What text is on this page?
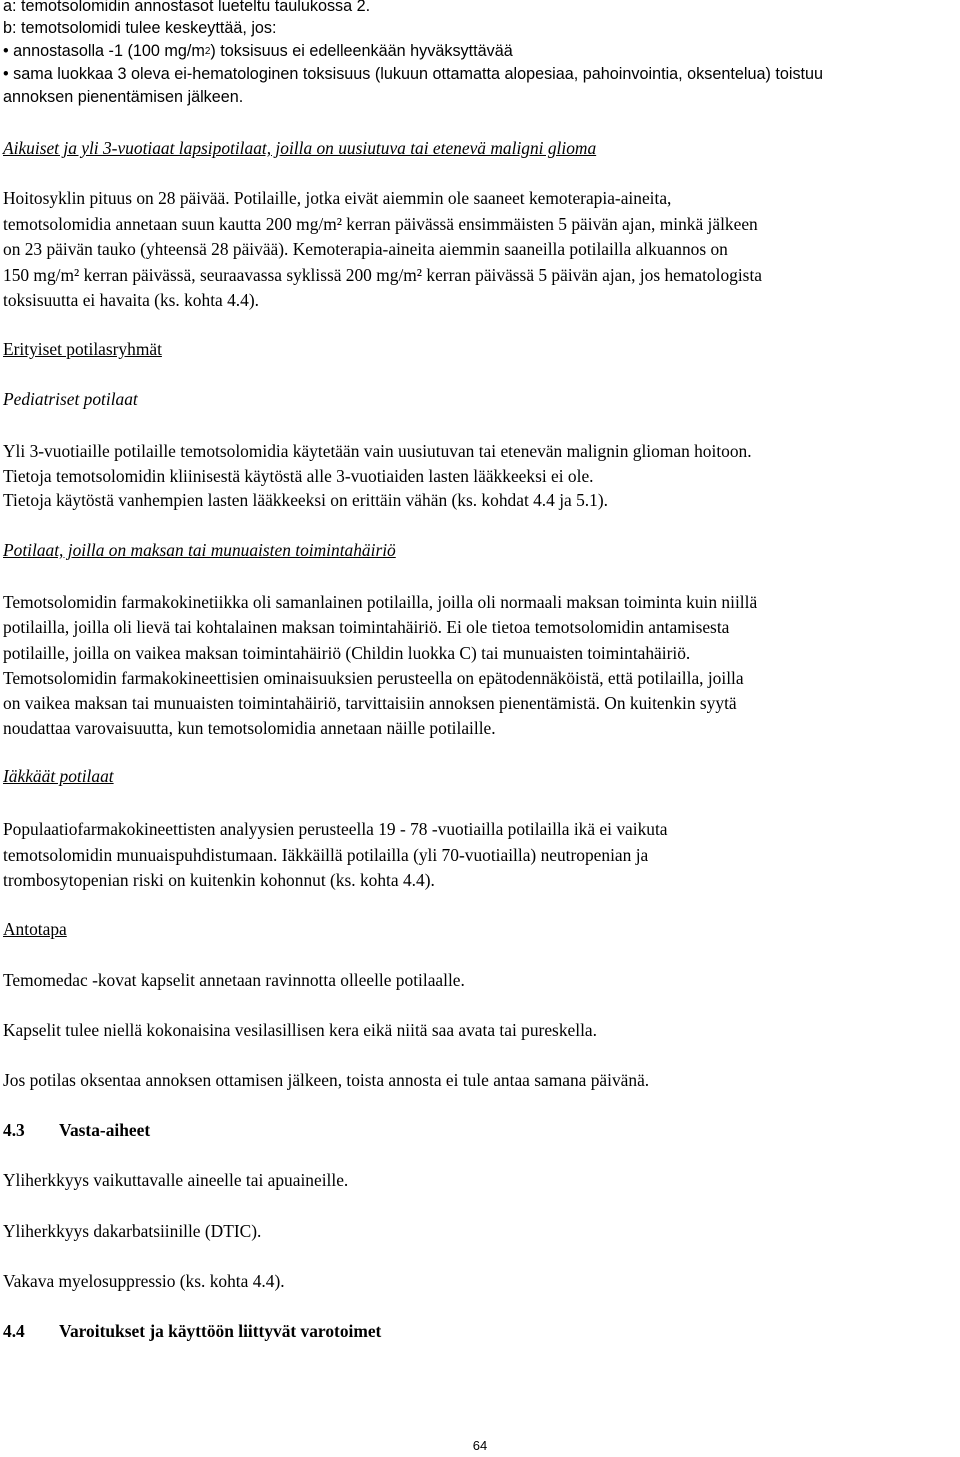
a: temotsolomidin annostasot lueteltu taulukossa 2.

b: temotsolomidi tulee keskeyttää, jos:

• annostasolla -1 (100 $mg/m^2$) toksisuus ei edelleenkään hyväksyttävää

• sama luokkaa 3 oleva ei-hematologinen toksisuus (lukuun ottamatta alopesiaa, pahoinvointia, oksentelua) toistuu

annoksen pienentämisen jälkeen.

Aikuiset ja yli 3-vuotiaat lapsipotilaat, joilla on uusiutuva tai etenevä maligni glioma

Hoitosyklin pituus on 28 päivää. Potilaille, jotka eivät aiemmin ole saaneet kemoterapia-aineita,
temotsolomidia annetaan suun kautta 200 mg/m² kerran päivässä ensimmäisten 5 päivän ajan, minkä jälkeen
on 23 päivän tauko (yhteensä 28 päivää). Kemoterapia-aineita aiemmin saaneilla potilailla alkuannos on
150 mg/m² kerran päivässä, seuraavassa syklissä 200 mg/m² kerran päivässä 5 päivän ajan, jos hematologista
toksisuutta ei havaita (ks. kohta 4.4).

Erityiset potilasryhmät

Pediatriset potilaat

Yli 3-vuotiaille potilaille temotsolomidia käytetään vain uusiutuvan tai etenevän malignin glioman hoitoon.
Tietoja temotsolomidin kliinisestä käytöstä alle 3-vuotiaiden lasten lääkkeeksi ei ole.
Tietoja käytöstä vanhempien lasten lääkkeeksi on erittäin vähän (ks. kohdat 4.4 ja 5.1).

Potilaat, joilla on maksan tai munuaisten toimintahäiriö

Temotsolomidin farmakokinetiikka oli samanlainen potilailla, joilla oli normaali maksan toiminta kuin niillä
potilailla, joilla oli lievä tai kohtalainen maksan toimintahäiriö. Ei ole tietoa temotsolomidin antamisesta
potilaille, joilla on vaikea maksan toimintahäiriö (Childin luokka C) tai munuaisten toimintahäiriö.
Temotsolomidin farmakokineettisien ominaisuuksien perusteella on epätodennäköistä, että potilailla, joilla
on vaikea maksan tai munuaisten toimintahäiriö, tarvittaisiin annoksen pienentämistä. On kuitenkin syytä
noudattaa varovaisuutta, kun temotsolomidia annetaan näille potilaille.

Iäkkäät potilaat

Populaatiofarmakokineettisten analyysien perusteella 19 - 78 -vuotiailla potilailla ikä ei vaikuta
temotsolomidin munuaispuhdistumaan. Iäkkäillä potilailla (yli 70-vuotiailla) neutropenian ja
trombosytopenian riski on kuitenkin kohonnut (ks. kohta 4.4).

Antotapa

Temomedac -kovat kapselit annetaan ravinnotta olleelle potilaalle.

Kapselit tulee niellä kokonaisina vesilasillisen kera eikä niitä saa avata tai pureskella.

Jos potilas oksentaa annoksen ottamisen jälkeen, toista annosta ei tule antaa samana päivänä.

4.3 Vasta-aiheet

Yliherkkyys vaikuttavalle aineelle tai apuaineille.

Yliherkkyys dakarbatsiinille (DTIC).

Vakava myelosuppressio (ks. kohta 4.4).

4.4 Varoitukset ja käyttöön liittyvät varotoimet

64
